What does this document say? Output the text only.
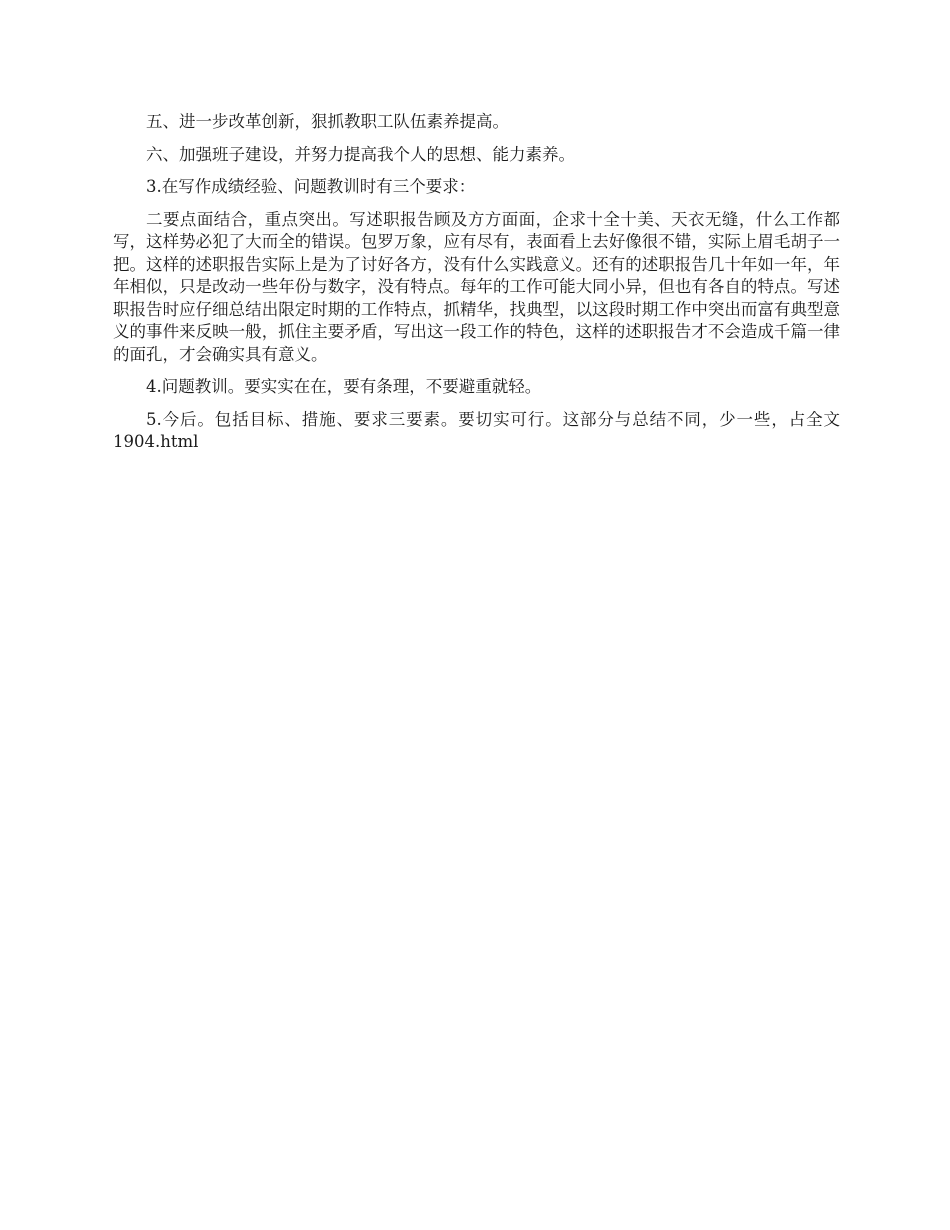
五、进一步改革创新，狠抓教职工队伍素养提高。

六、加强班子建设，并努力提高我个人的思想、能力素养。

3.在写作成绩经验、问题教训时有三个要求：

二要点面结合，重点突出。写述职报告顾及方方面面，企求十全十美、天衣无缝，什么工作都写，这样势必犯了大而全的错误。包罗万象，应有尽有，表面看上去好像很不错，实际上眉毛胡子一把。这样的述职报告实际上是为了讨好各方，没有什么实践意义。还有的述职报告几十年如一年，年年相似，只是改动一些年份与数字，没有特点。每年的工作可能大同小异，但也有各自的特点。写述职报告时应仔细总结出限定时期的工作特点，抓精华，找典型，以这段时期工作中突出而富有典型意义的事件来反映一般，抓住主要矛盾，写出这一段工作的特色，这样的述职报告才不会造成千篇一律的面孔，才会确实具有意义。

4.问题教训。要实实在在，要有条理，不要避重就轻。

5.今后。包括目标、措施、要求三要素。要切实可行。这部分与总结不同，少一些，占全文 1904.html
